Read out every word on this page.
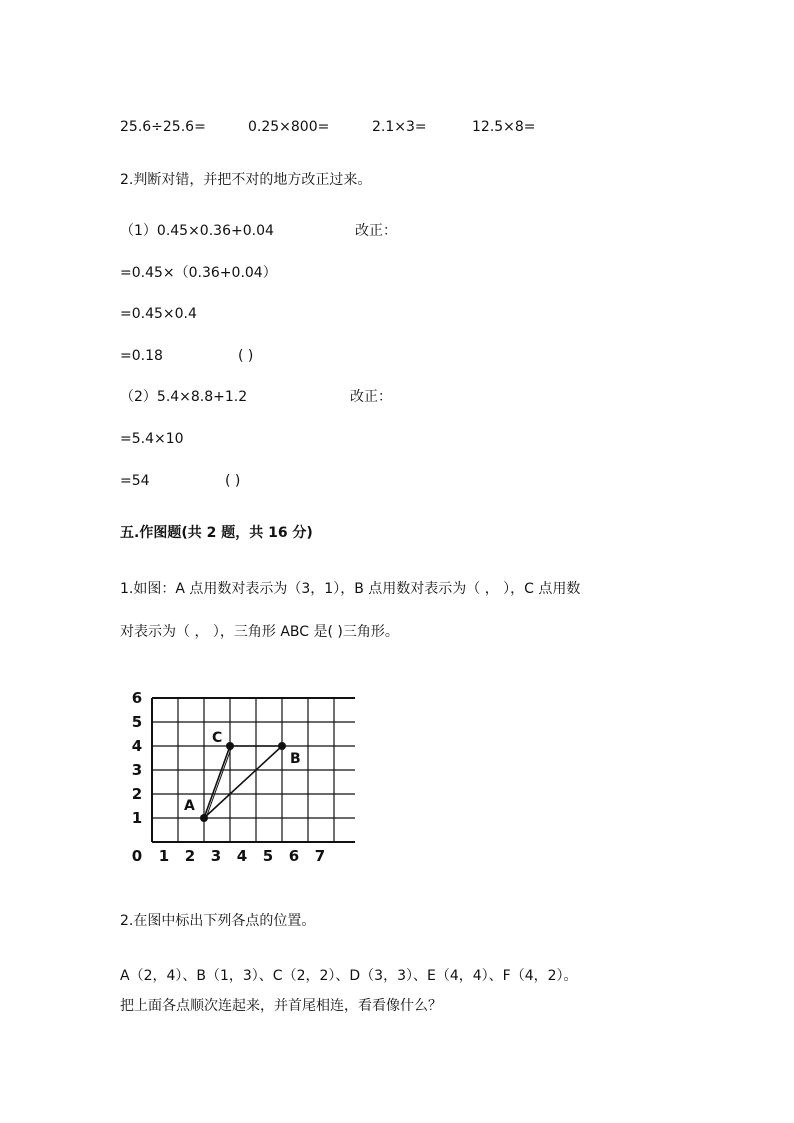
25.6÷25.6=	0.25×800=	2.1×3=	12.5×8=
2.判断对错，并把不对的地方改正过来。
（1）0.45×0.36+0.04	改正：
=0.45×（0.36+0.04）
=0.45×0.4
=0.18	( )
（2）5.4×8.8+1.2	改正：
=5.4×10
=54	( )
五.作图题(共 2 题，共 16 分)
1.如图：A 点用数对表示为（3，1），B 点用数对表示为（ ， ），C 点用数
对表示为（ ， ），三角形 ABC 是( )三角形。
0 1 2 3 4 5 6 7
1
2
3
4
5
6
A
B
C
2.在图中标出下列各点的位置。
A（2，4）、B（1，3）、C（2，2）、D（3，3）、E（4，4）、F（4，2）。
把上面各点顺次连起来，并首尾相连，看看像什么？
